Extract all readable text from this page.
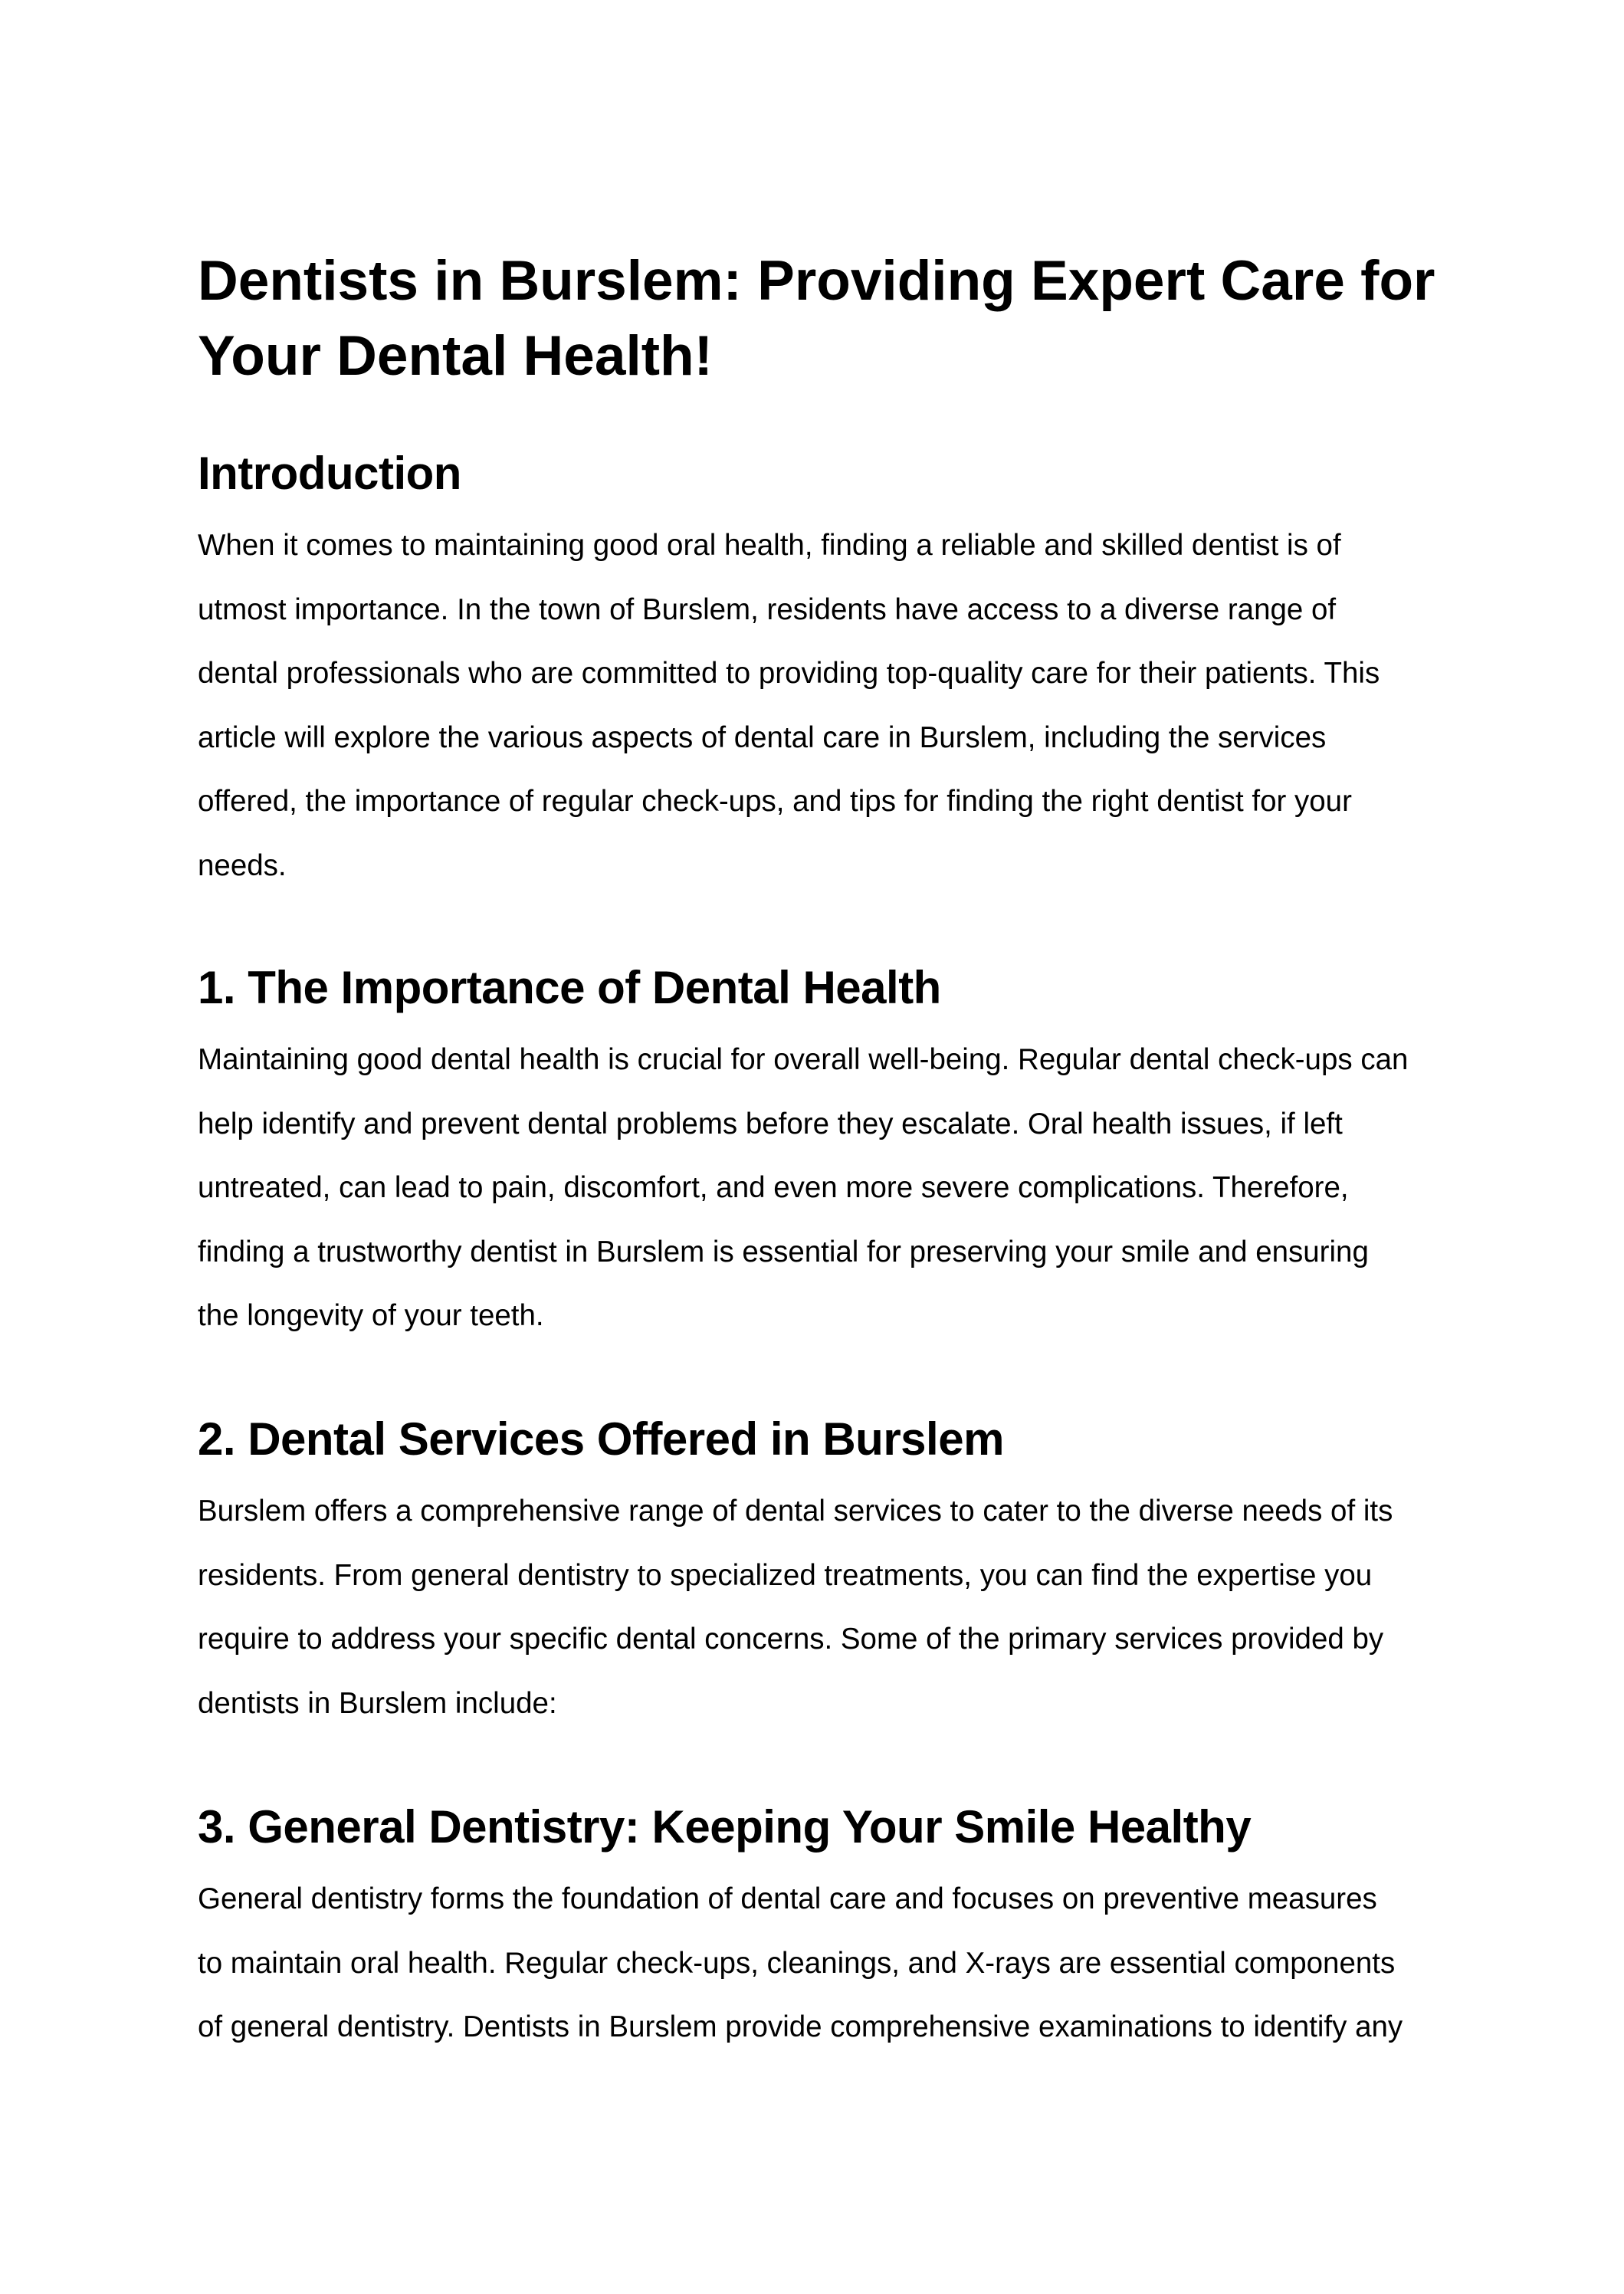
Dentists in Burslem: Providing Expert Care for Your Dental Health!
Introduction

When it comes to maintaining good oral health, finding a reliable and skilled dentist is of
utmost importance. In the town of Burslem, residents have access to a diverse range of
dental professionals who are committed to providing top-quality care for their patients. This
article will explore the various aspects of dental care in Burslem, including the services
offered, the importance of regular check-ups, and tips for finding the right dentist for your
needs.

1. The Importance of Dental Health

Maintaining good dental health is crucial for overall well-being. Regular dental check-ups can
help identify and prevent dental problems before they escalate. Oral health issues, if left
untreated, can lead to pain, discomfort, and even more severe complications. Therefore,
finding a trustworthy dentist in Burslem is essential for preserving your smile and ensuring
the longevity of your teeth.

2. Dental Services Offered in Burslem

Burslem offers a comprehensive range of dental services to cater to the diverse needs of its
residents. From general dentistry to specialized treatments, you can find the expertise you
require to address your specific dental concerns. Some of the primary services provided by
dentists in Burslem include:

3. General Dentistry: Keeping Your Smile Healthy

General dentistry forms the foundation of dental care and focuses on preventive measures
to maintain oral health. Regular check-ups, cleanings, and X-rays are essential components
of general dentistry. Dentists in Burslem provide comprehensive examinations to identify any
